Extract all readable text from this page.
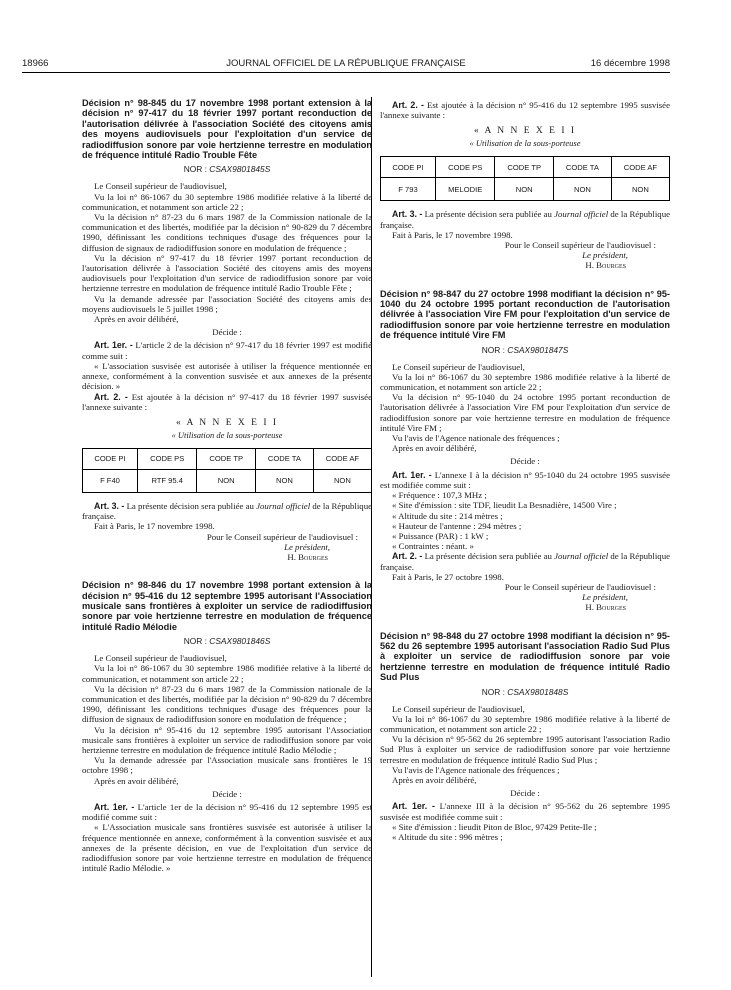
18966	JOURNAL OFFICIEL DE LA RÉPUBLIQUE FRANÇAISE	16 décembre 1998
Décision n° 98-845 du 17 novembre 1998 portant extension à la décision n° 97-417 du 18 février 1997 portant reconduction de l'autorisation délivrée à l'association Société des citoyens amis des moyens audiovisuels pour l'exploitation d'un service de radiodiffusion sonore par voie hertzienne terrestre en modulation de fréquence intitulé Radio Trouble Fête
NOR : CSAX9801845S

Le Conseil supérieur de l'audiovisuel,

Vu la loi n° 86-1067 du 30 septembre 1986 modifiée relative à la liberté de communication, et notamment son article 22 ;

Vu la décision n° 87-23 du 6 mars 1987 de la Commission nationale de la communication et des libertés, modifiée par la décision n° 90-829 du 7 décembre 1990, définissant les conditions techniques d'usage des fréquences pour la diffusion de signaux de radiodiffusion sonore en modulation de fréquence ;

Vu la décision n° 97-417 du 18 février 1997 portant reconduction de l'autorisation délivrée à l'association Société des citoyens amis des moyens audiovisuels pour l'exploitation d'un service de radiodiffusion sonore par voie hertzienne terrestre en modulation de fréquence intitulé Radio Trouble Fête ;

Vu la demande adressée par l'association Société des citoyens amis des moyens audiovisuels le 5 juillet 1998 ;

Après en avoir délibéré,

Décide :

Art. 1er. - L'article 2 de la décision n° 97-417 du 18 février 1997 est modifié comme suit :

« L'association susvisée est autorisée à utiliser la fréquence mentionnée en annexe, conformément à la convention susvisée et aux annexes de la présente décision. »

Art. 2. - Est ajoutée à la décision n° 97-417 du 18 février 1997 susvisée l'annexe suivante :

« A N N E X E I I
« Utilisation de la sous-porteuse
CODE PI	CODE PS	CODE TP	CODE TA	CODE AF
F F40	RTF 95.4	NON	NON	NON

Art. 3. - La présente décision sera publiée au Journal officiel de la République française.

Fait à Paris, le 17 novembre 1998.

Pour le Conseil supérieur de l'audiovisuel :
Le président,
H. Bourges
Décision n° 98-846 du 17 novembre 1998 portant extension à la décision n° 95-416 du 12 septembre 1995 autorisant l'Association musicale sans frontières à exploiter un service de radiodiffusion sonore par voie hertzienne terrestre en modulation de fréquence intitulé Radio Mélodie
NOR : CSAX9801846S

Le Conseil supérieur de l'audiovisuel,

Vu la loi n° 86-1067 du 30 septembre 1986 modifiée relative à la liberté de communication, et notamment son article 22 ;

Vu la décision n° 87-23 du 6 mars 1987 de la Commission nationale de la communication et des libertés, modifiée par la décision n° 90-829 du 7 décembre 1990, définissant les conditions techniques d'usage des fréquences pour la diffusion de signaux de radiodiffusion sonore en modulation de fréquence ;

Vu la décision n° 95-416 du 12 septembre 1995 autorisant l'Association musicale sans frontières à exploiter un service de radiodiffusion sonore par voie hertzienne terrestre en modulation de fréquence intitulé Radio Mélodie ;

Vu la demande adressée par l'Association musicale sans frontières le 19 octobre 1998 ;

Après en avoir délibéré,

Décide :

Art. 1er. - L'article 1er de la décision n° 95-416 du 12 septembre 1995 est modifié comme suit :

« L'Association musicale sans frontières susvisée est autorisée à utiliser la fréquence mentionnée en annexe, conformément à la convention susvisée et aux annexes de la présente décision, en vue de l'exploitation d'un service de radiodiffusion sonore par voie hertzienne terrestre en modulation de fréquence intitulé Radio Mélodie. »

Art. 2. - Est ajoutée à la décision n° 95-416 du 12 septembre 1995 susvisée l'annexe suivante :

« A N N E X E I I
« Utilisation de la sous-porteuse
CODE PI	CODE PS	CODE TP	CODE TA	CODE AF
F 793	MELODIE	NON	NON	NON

Art. 3. - La présente décision sera publiée au Journal officiel de la République française.

Fait à Paris, le 17 novembre 1998.

Pour le Conseil supérieur de l'audiovisuel :
Le président,
H. Bourges
Décision n° 98-847 du 27 octobre 1998 modifiant la décision n° 95-1040 du 24 octobre 1995 portant reconduction de l'autorisation délivrée à l'association Vire FM pour l'exploitation d'un service de radiodiffusion sonore par voie hertzienne terrestre en modulation de fréquence intitulé Vire FM
NOR : CSAX9801847S

Le Conseil supérieur de l'audiovisuel,

Vu la loi n° 86-1067 du 30 septembre 1986 modifiée relative à la liberté de communication, et notamment son article 22 ;

Vu la décision n° 95-1040 du 24 octobre 1995 portant reconduction de l'autorisation délivrée à l'association Vire FM pour l'exploitation d'un service de radiodiffusion sonore par voie hertzienne terrestre en modulation de fréquence intitulé Vire FM ;

Vu l'avis de l'Agence nationale des fréquences ;

Après en avoir délibéré,

Décide :

Art. 1er. - L'annexe I à la décision n° 95-1040 du 24 octobre 1995 susvisée est modifiée comme suit :

« Fréquence : 107,3 MHz ;

« Site d'émission : site TDF, lieudit La Besnadière, 14500 Vire ;

« Altitude du site : 214 mètres ;

« Hauteur de l'antenne : 294 mètres ;

« Puissance (PAR) : 1 kW ;

« Contraintes : néant. »

Art. 2. - La présente décision sera publiée au Journal officiel de la République française.

Fait à Paris, le 27 octobre 1998.

Pour le Conseil supérieur de l'audiovisuel :
Le président,
H. Bourges
Décision n° 98-848 du 27 octobre 1998 modifiant la décision n° 95-562 du 26 septembre 1995 autorisant l'association Radio Sud Plus à exploiter un service de radiodiffusion sonore par voie hertzienne terrestre en modulation de fréquence intitulé Radio Sud Plus
NOR : CSAX9801848S

Le Conseil supérieur de l'audiovisuel,

Vu la loi n° 86-1067 du 30 septembre 1986 modifiée relative à la liberté de communication, et notamment son article 22 ;

Vu la décision n° 95-562 du 26 septembre 1995 autorisant l'association Radio Sud Plus à exploiter un service de radiodiffusion sonore par voie hertzienne terrestre en modulation de fréquence intitulé Radio Sud Plus ;

Vu l'avis de l'Agence nationale des fréquences ;

Après en avoir délibéré,

Décide :

Art. 1er. - L'annexe III à la décision n° 95-562 du 26 septembre 1995 susvisée est modifiée comme suit :

« Site d'émission : lieudit Piton de Bloc, 97429 Petite-Ile ;

« Altitude du site : 996 mètres ;
